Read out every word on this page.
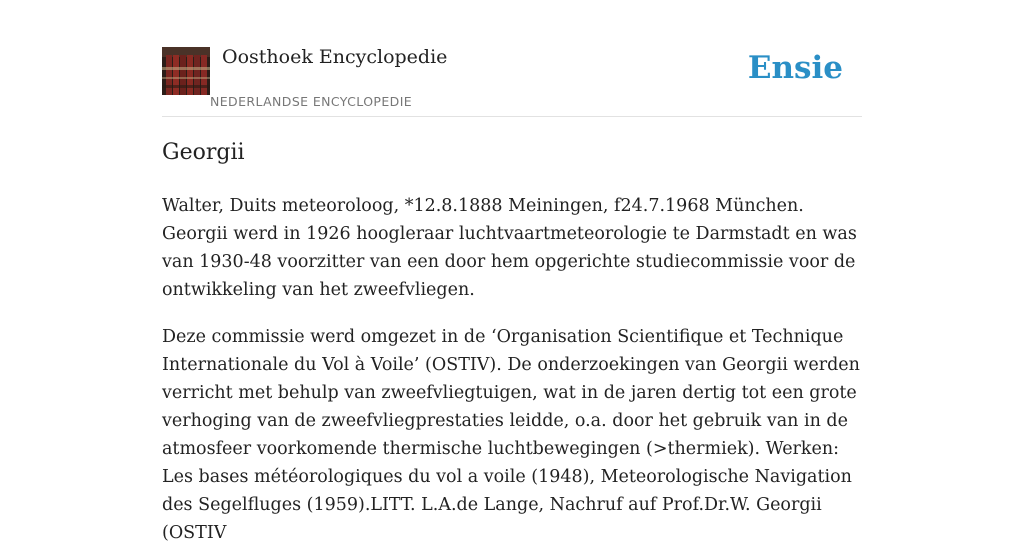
Oosthoek Encyclopedie
NEDERLANDSE ENCYCLOPEDIE
Ensie
Georgii

Walter, Duits meteoroloog, *12.8.1888 Meiningen, f24.7.1968 München. Georgii werd in 1926 hoogleraar luchtvaartmeteorologie te Darmstadt en was van 1930-48 voorzitter van een door hem opgerichte studiecommissie voor de ontwikkeling van het zweefvliegen.

Deze commissie werd omgezet in de ‘Organisation Scientifique et Technique Internationale du Vol à Voile’ (OSTIV). De onderzoekingen van Georgii werden verricht met behulp van zweefvliegtuigen, wat in de jaren dertig tot een grote verhoging van de zweefvliegprestaties leidde, o.a. door het gebruik van in de atmosfeer voorkomende thermische luchtbewegingen (>thermiek). Werken: Les bases météorologiques du vol a voile (1948), Meteorologische Navigation des Segelfluges (1959).LITT. L.A.de Lange, Nachruf auf Prof.Dr.W. Georgii (OSTIV
